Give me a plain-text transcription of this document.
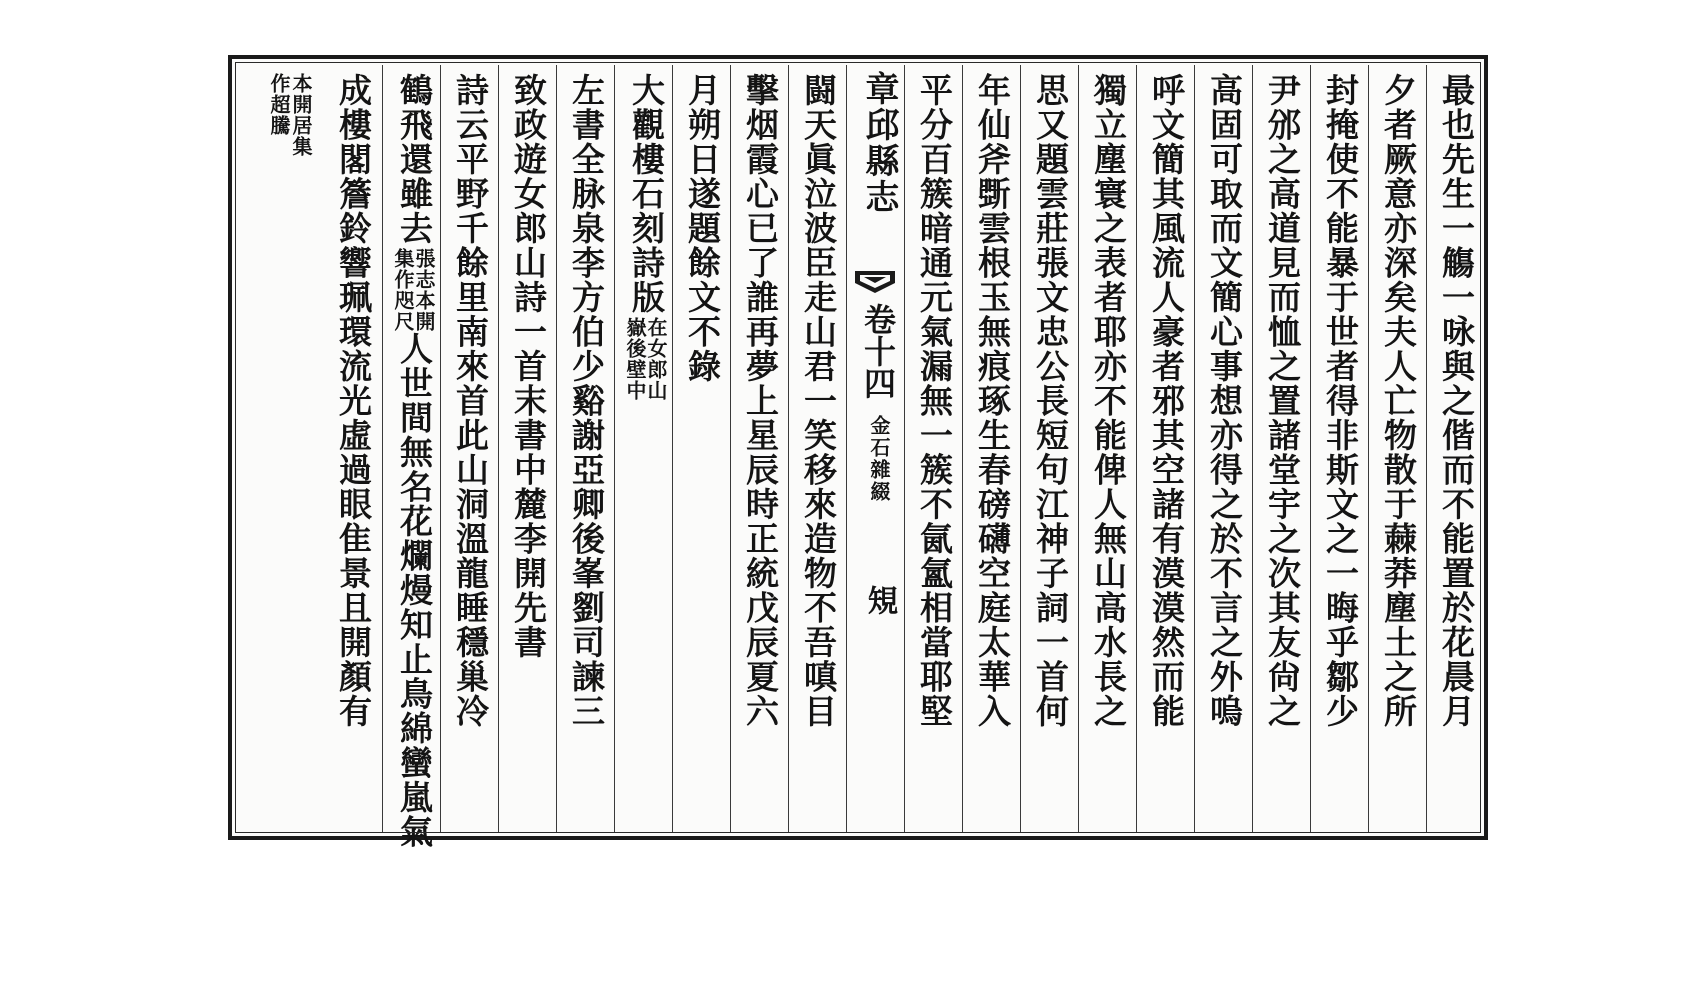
最也先生一觴一咏與之偕而不能置於花晨月
夕者厥意亦深矣夫人亡物散于蕀莽塵土之所
封掩使不能暴于世者得非斯文之一晦乎鄒少
尹邠之高道見而恤之置諸堂宇之次其友尙之
高固可取而文簡心事想亦得之於不言之外嗚
呼文簡其風流人豪者邪其空諸有漠漠然而能
獨立塵寰之表者耶亦不能俾人無山高水長之
思又題雲莊張文忠公長短句江神子詞一首何
年仙斧斲雲根玉無痕琢生春磅礴空庭太華入
平分百簇暗通元氣漏無一簇不氤氳相當耶堅
章邱縣志
卷十四
金石雜綴
䂓
闘天眞泣波臣走山君一笑移來造物不吾嗔目
擊烟霞心已了誰再夢上星辰時正統戊辰夏六
月朔日遂題餘文不錄
大觀樓石刻詩版
在女郎山
嶽後壁中
左書全脉泉李方伯少谿謝亞卿後峯劉司諫三
致政遊女郎山詩一首末書中麓李開先書
詩云平野千餘里南來首此山洞溫龍睡穩巢冷
鶴飛還雖去
張志本開
集作咫尺
人世間無名花爛熳知止鳥綿蠻嵐氣
成樓閣簷鈴響珮環流光虛過眼隹景且開顏有
本開居集
作超騰
